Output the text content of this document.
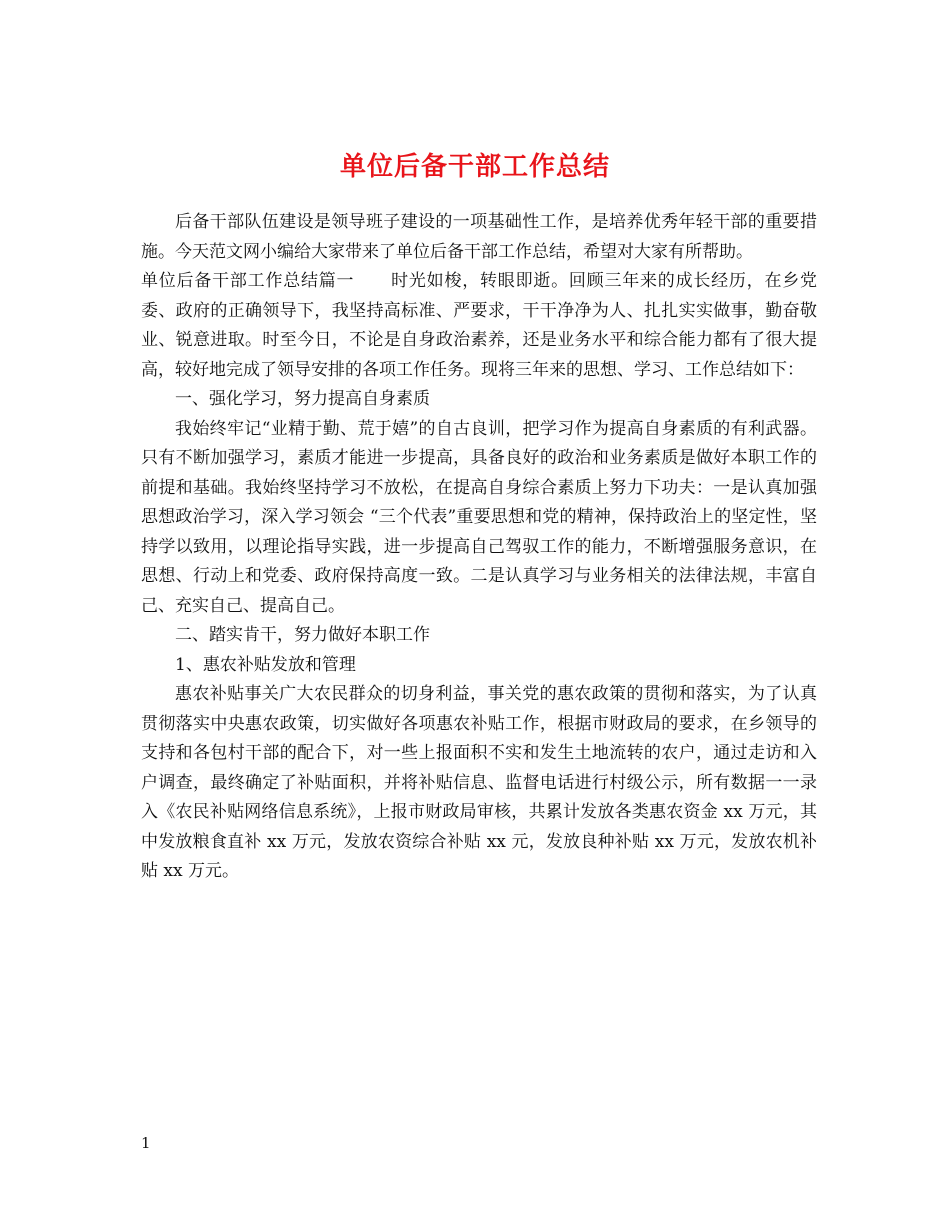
单位后备干部工作总结

后备干部队伍建设是领导班子建设的一项基础性工作，是培养优秀年轻干部的重要措施。今天范文网小编给大家带来了单位后备干部工作总结，希望对大家有所帮助。

单位后备干部工作总结篇一 时光如梭，转眼即逝。回顾三年来的成长经历，在乡党委、政府的正确领导下，我坚持高标准、严要求，干干净净为人、扎扎实实做事，勤奋敬业、锐意进取。时至今日，不论是自身政治素养，还是业务水平和综合能力都有了很大提高，较好地完成了领导安排的各项工作任务。现将三年来的思想、学习、工作总结如下：

一、强化学习，努力提高自身素质

我始终牢记“业精于勤、荒于嬉”的自古良训，把学习作为提高自身素质的有利武器。只有不断加强学习，素质才能进一步提高，具备良好的政治和业务素质是做好本职工作的前提和基础。我始终坚持学习不放松，在提高自身综合素质上努力下功夫：一是认真加强思想政治学习，深入学习领会 “三个代表”重要思想和党的精神，保持政治上的坚定性，坚持学以致用，以理论指导实践，进一步提高自己驾驭工作的能力，不断增强服务意识，在思想、行动上和党委、政府保持高度一致。二是认真学习与业务相关的法律法规，丰富自己、充实自己、提高自己。

二、踏实肯干，努力做好本职工作

1、惠农补贴发放和管理

惠农补贴事关广大农民群众的切身利益，事关党的惠农政策的贯彻和落实，为了认真贯彻落实中央惠农政策，切实做好各项惠农补贴工作，根据市财政局的要求，在乡领导的支持和各包村干部的配合下，对一些上报面积不实和发生土地流转的农户，通过走访和入户调查，最终确定了补贴面积，并将补贴信息、监督电话进行村级公示，所有数据一一录入《农民补贴网络信息系统》，上报市财政局审核，共累计发放各类惠农资金 xx 万元，其中发放粮食直补 xx 万元，发放农资综合补贴 xx 元，发放良种补贴 xx 万元，发放农机补贴 xx 万元。

1
